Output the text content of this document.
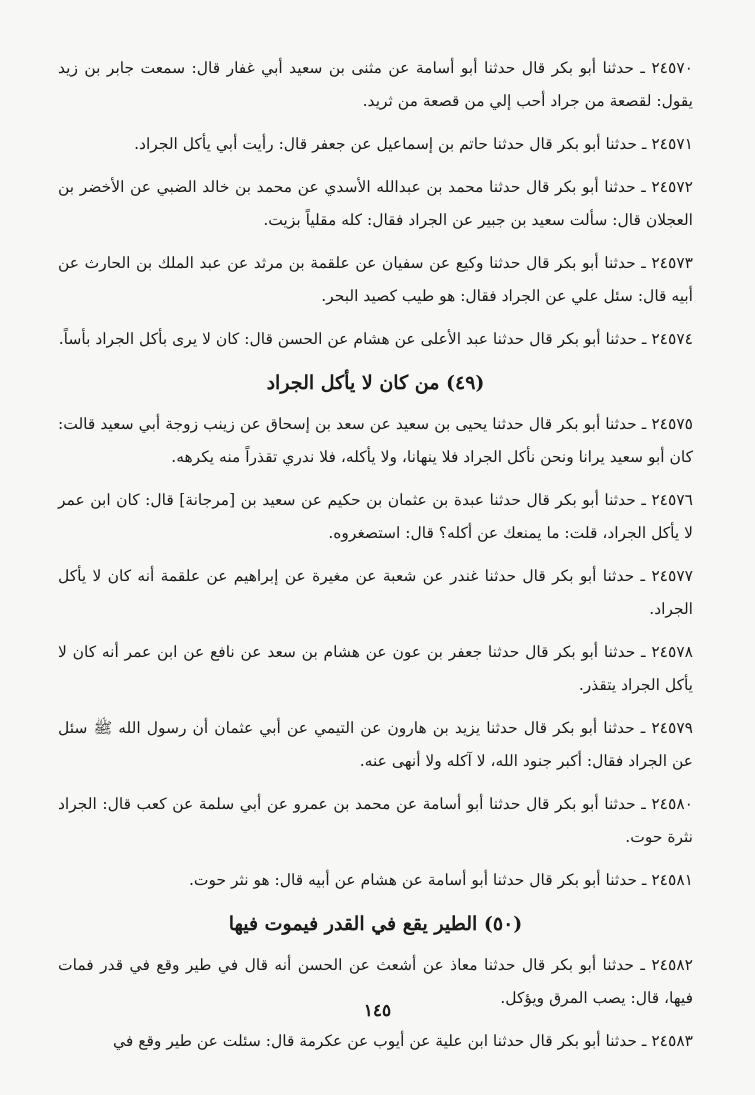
٢٤٥٧٠ ـ حدثنا أبو بكر قال حدثنا أبو أسامة عن مثنى بن سعيد أبي غفار قال: سمعت جابر بن زيد يقول: لقصعة من جراد أحب إلي من قصعة من ثريد.

٢٤٥٧١ ـ حدثنا أبو بكر قال حدثنا حاتم بن إسماعيل عن جعفر قال: رأيت أبي يأكل الجراد.

٢٤٥٧٢ ـ حدثنا أبو بكر قال حدثنا محمد بن عبدالله الأسدي عن محمد بن خالد الضبي عن الأخضر بن العجلان قال: سألت سعيد بن جبير عن الجراد فقال: كله مقلياً بزيت.

٢٤٥٧٣ ـ حدثنا أبو بكر قال حدثنا وكيع عن سفيان عن علقمة بن مرثد عن عبد الملك بن الحارث عن أبيه قال: سئل علي عن الجراد فقال: هو طيب كصيد البحر.

٢٤٥٧٤ ـ حدثنا أبو بكر قال حدثنا عبد الأعلى عن هشام عن الحسن قال: كان لا يرى بأكل الجراد بأساً.

(٤٩) من كان لا يأكل الجراد

٢٤٥٧٥ ـ حدثنا أبو بكر قال حدثنا يحيى بن سعيد عن سعد بن إسحاق عن زينب زوجة أبي سعيد قالت: كان أبو سعيد يرانا ونحن نأكل الجراد فلا ينهانا، ولا يأكله، فلا ندري تقذراً منه يكرهه.

٢٤٥٧٦ ـ حدثنا أبو بكر قال حدثنا عبدة بن عثمان بن حكيم عن سعيد بن [مرجانة] قال: كان ابن عمر لا يأكل الجراد، قلت: ما يمنعك عن أكله؟ قال: استصغروه.

٢٤٥٧٧ ـ حدثنا أبو بكر قال حدثنا غندر عن شعبة عن مغيرة عن إبراهيم عن علقمة أنه كان لا يأكل الجراد.

٢٤٥٧٨ ـ حدثنا أبو بكر قال حدثنا جعفر بن عون عن هشام بن سعد عن نافع عن ابن عمر أنه كان لا يأكل الجراد يتقذر.

٢٤٥٧٩ ـ حدثنا أبو بكر قال حدثنا يزيد بن هارون عن التيمي عن أبي عثمان أن رسول الله ﷺ سئل عن الجراد فقال: أكبر جنود الله، لا آكله ولا أنهى عنه.

٢٤٥٨٠ ـ حدثنا أبو بكر قال حدثنا أبو أسامة عن محمد بن عمرو عن أبي سلمة عن كعب قال: الجراد نثرة حوت.

٢٤٥٨١ ـ حدثنا أبو بكر قال حدثنا أبو أسامة عن هشام عن أبيه قال: هو نثر حوت.

(٥٠) الطير يقع في القدر فيموت فيها

٢٤٥٨٢ ـ حدثنا أبو بكر قال حدثنا معاذ عن أشعث عن الحسن أنه قال في طير وقع في قدر فمات فيها، قال: يصب المرق ويؤكل.

٢٤٥٨٣ ـ حدثنا أبو بكر قال حدثنا ابن علية عن أيوب عن عكرمة قال: سئلت عن طير وقع في

١٤٥
